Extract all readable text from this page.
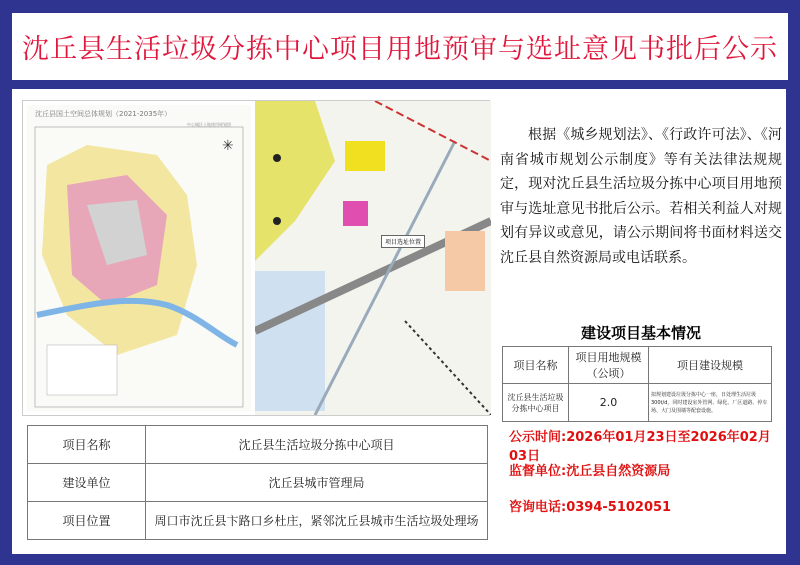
沈丘县生活垃圾分拣中心项目用地预审与选址意见书批后公示
沈丘县国土空间总体规划（2021-2035年）
中心城区土地使用规划图
✳
项目选址位置
根据《城乡规划法》、《行政许可法》、《河南省城市规划公示制度》等有关法律法规规定，现对沈丘县生活垃圾分拣中心项目用地预审与选址意见书批后公示。若相关利益人对规划有异议或意见，请公示期间将书面材料送交沈丘县自然资源局或电话联系。
建设项目基本情况
项目名称	项目用地规模（公顷）	项目建设规模
沈丘县生活垃圾分拣中心项目	2.0	拟规划建设垃圾分拣中心一座，日处理生活垃圾300t/d，同时建设室外管网、绿化、厂区道路、停车场、大门及围墙等配套设施。
项目名称	沈丘县生活垃圾分拣中心项目
建设单位	沈丘县城市管理局
项目位置	周口市沈丘县卞路口乡杜庄，紧邻沈丘县城市生活垃圾处理场
公示时间:2026年01月23日至2026年02月03日
监督单位:沈丘县自然资源局
咨询电话:0394-5102051
